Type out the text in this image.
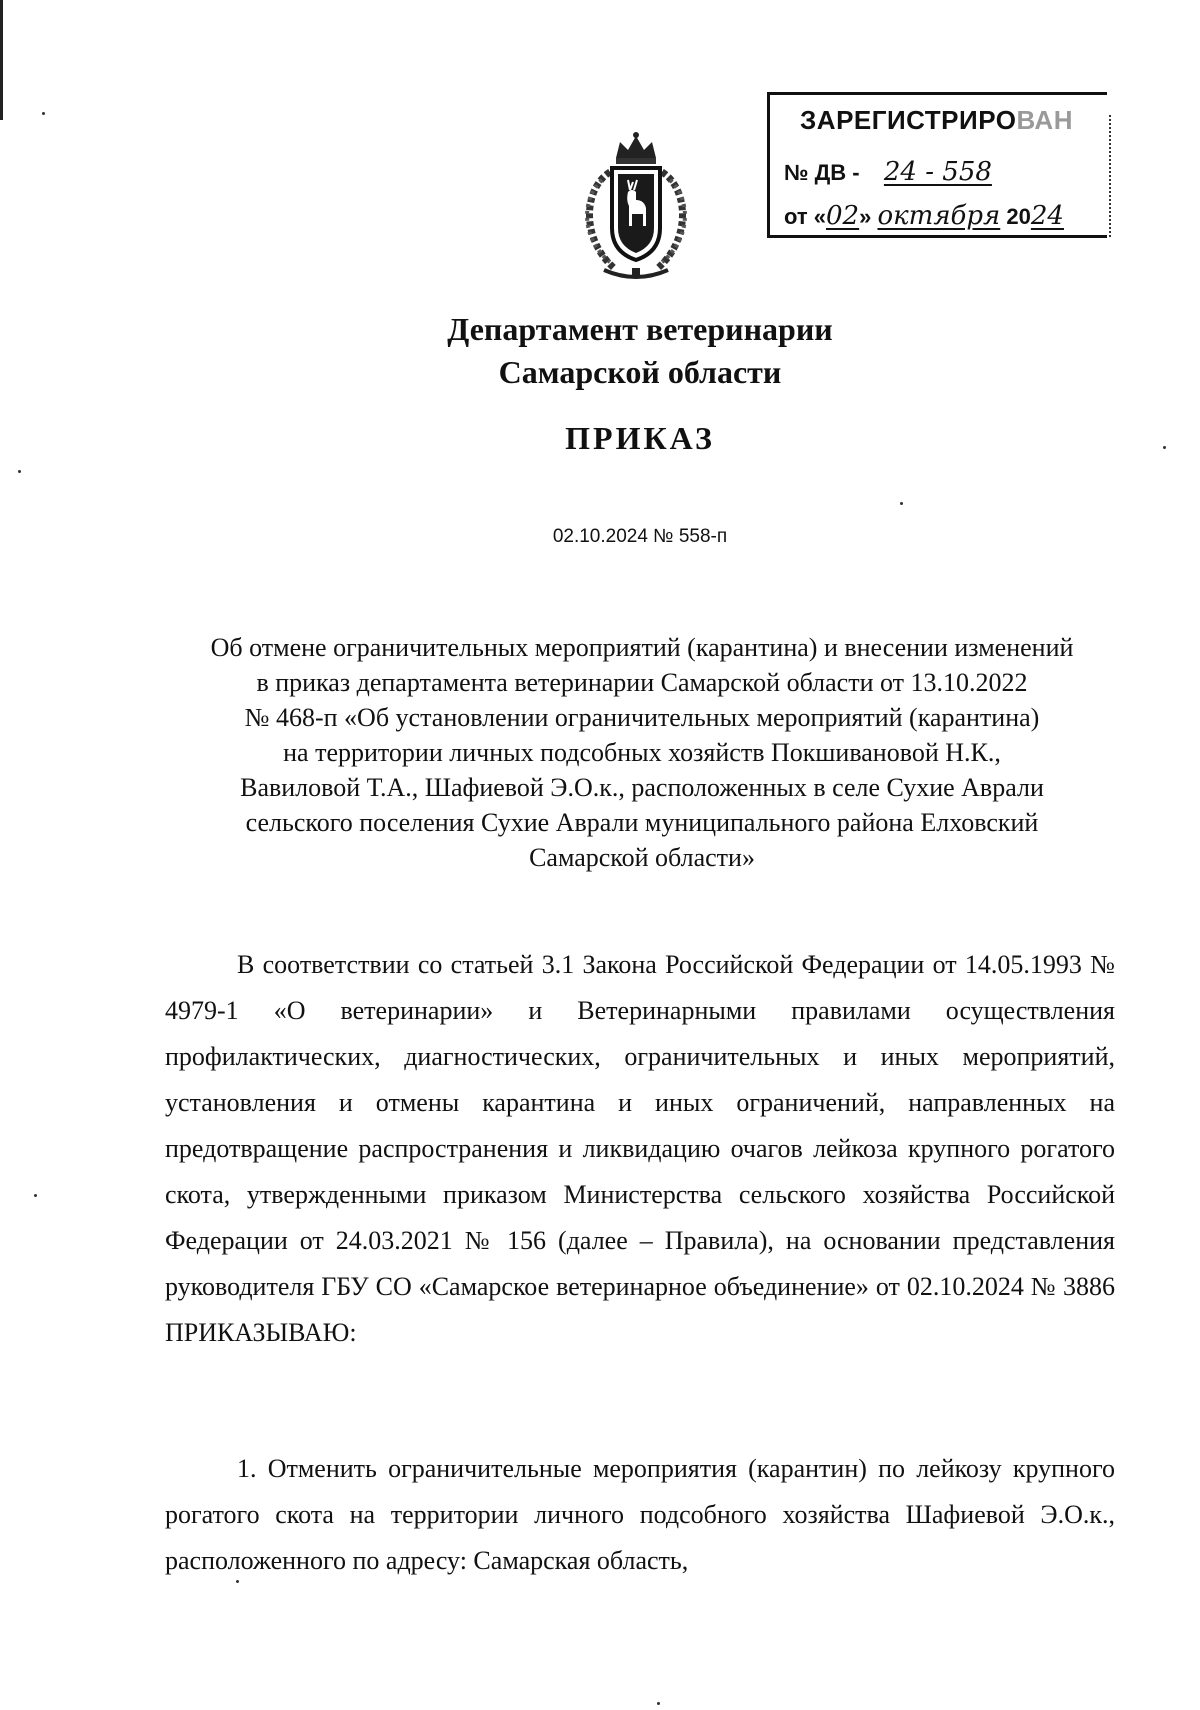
ЗАРЕГИСТРИРОВАН
№ ДВ - 24 - 558
от «02» октября 2024
Департамент ветеринарии
Самарской области
ПРИКАЗ
02.10.2024 № 558-п
Об отмене ограничительных мероприятий (карантина) и внесении изменений
в приказ департамента ветеринарии Самарской области от 13.10.2022
№ 468-п «Об установлении ограничительных мероприятий (карантина)
на территории личных подсобных хозяйств Покшивановой Н.К.,
Вавиловой Т.А., Шафиевой Э.О.к., расположенных в селе Сухие Аврали
сельского поселения Сухие Аврали муниципального района Елховский
Самарской области»
В соответствии со статьей 3.1 Закона Российской Федерации от 14.05.1993 № 4979-1 «О ветеринарии» и Ветеринарными правилами осуществления профилактических, диагностических, ограничительных и иных мероприятий, установления и отмены карантина и иных ограничений, направленных на предотвращение распространения и ликвидацию очагов лейкоза крупного рогатого скота, утвержденными приказом Министерства сельского хозяйства Российской Федерации от 24.03.2021 № 156 (далее – Правила), на основании представления руководителя ГБУ СО «Самарское ветеринарное объединение» от 02.10.2024 № 3886 ПРИКАЗЫВАЮ:
1. Отменить ограничительные мероприятия (карантин) по лейкозу крупного рогатого скота на территории личного подсобного хозяйства Шафиевой Э.О.к., расположенного по адресу: Самарская область,
